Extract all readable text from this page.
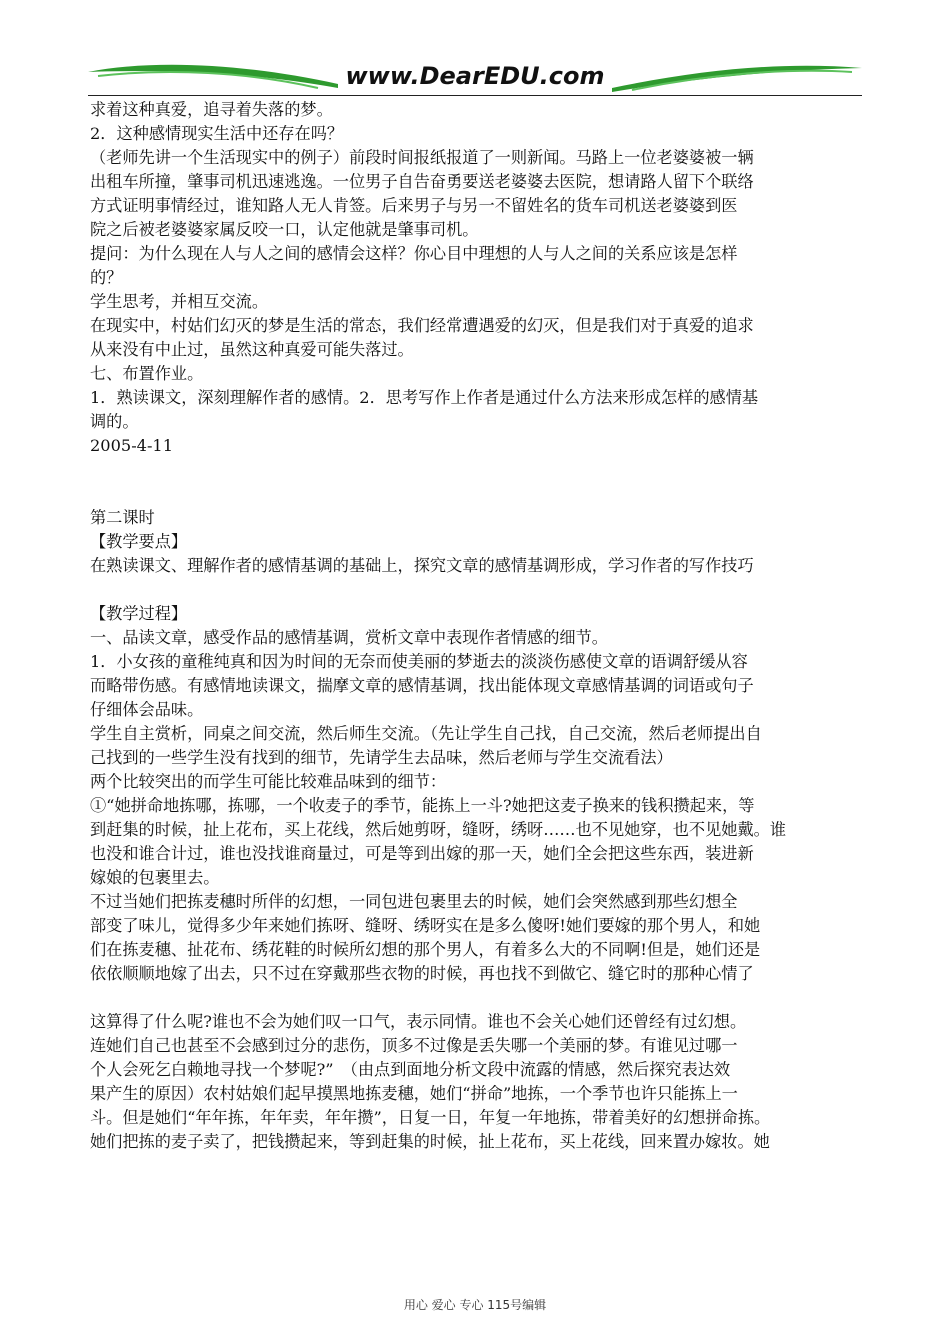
www.DearEDU.com

求着这种真爱，追寻着失落的梦。

2．这种感情现实生活中还存在吗？

（老师先讲一个生活现实中的例子）前段时间报纸报道了一则新闻。马路上一位老婆婆被一辆

出租车所撞，肇事司机迅速逃逸。一位男子自告奋勇要送老婆婆去医院，想请路人留下个联络

方式证明事情经过，谁知路人无人肯签。后来男子与另一不留姓名的货车司机送老婆婆到医

院之后被老婆婆家属反咬一口，认定他就是肇事司机。

提问：为什么现在人与人之间的感情会这样？你心目中理想的人与人之间的关系应该是怎样

的？

学生思考，并相互交流。

在现实中，村姑们幻灭的梦是生活的常态，我们经常遭遇爱的幻灭，但是我们对于真爱的追求

从来没有中止过，虽然这种真爱可能失落过。

七、布置作业。

1．熟读课文，深刻理解作者的感情。2．思考写作上作者是通过什么方法来形成怎样的感情基

调的。

2005-4-11

第二课时

【教学要点】

在熟读课文、理解作者的感情基调的基础上，探究文章的感情基调形成，学习作者的写作技巧

【教学过程】

一、品读文章，感受作品的感情基调，赏析文章中表现作者情感的细节。

1．小女孩的童稚纯真和因为时间的无奈而使美丽的梦逝去的淡淡伤感使文章的语调舒缓从容

而略带伤感。有感情地读课文，揣摩文章的感情基调，找出能体现文章感情基调的词语或句子

仔细体会品味。

学生自主赏析，同桌之间交流，然后师生交流。（先让学生自己找，自己交流，然后老师提出自

己找到的一些学生没有找到的细节，先请学生去品味，然后老师与学生交流看法）

两个比较突出的而学生可能比较难品味到的细节：

①“她拼命地拣哪，拣哪，一个收麦子的季节，能拣上一斗?她把这麦子换来的钱积攒起来，等

到赶集的时候，扯上花布，买上花线，然后她剪呀，缝呀，绣呀……也不见她穿，也不见她戴。谁

也没和谁合计过，谁也没找谁商量过，可是等到出嫁的那一天，她们全会把这些东西，装进新

嫁娘的包裹里去。

不过当她们把拣麦穗时所伴的幻想，一同包进包裹里去的时候，她们会突然感到那些幻想全

部变了味儿，觉得多少年来她们拣呀、缝呀、绣呀实在是多么傻呀!她们要嫁的那个男人，和她

们在拣麦穗、扯花布、绣花鞋的时候所幻想的那个男人，有着多么大的不同啊!但是，她们还是

依依顺顺地嫁了出去，只不过在穿戴那些衣物的时候，再也找不到做它、缝它时的那种心情了

这算得了什么呢?谁也不会为她们叹一口气，表示同情。谁也不会关心她们还曾经有过幻想。

连她们自己也甚至不会感到过分的悲伤，顶多不过像是丢失哪一个美丽的梦。有谁见过哪一

个人会死乞白赖地寻找一个梦呢?”　（由点到面地分析文段中流露的情感，然后探究表达效

果产生的原因）农村姑娘们起早摸黑地拣麦穗，她们“拼命”地拣，一个季节也许只能拣上一

斗。但是她们“年年拣，年年卖，年年攒”，日复一日，年复一年地拣，带着美好的幻想拼命拣。

她们把拣的麦子卖了，把钱攒起来，等到赶集的时候，扯上花布，买上花线，回来置办嫁妆。她

用心 爱心 专心 115号编辑
